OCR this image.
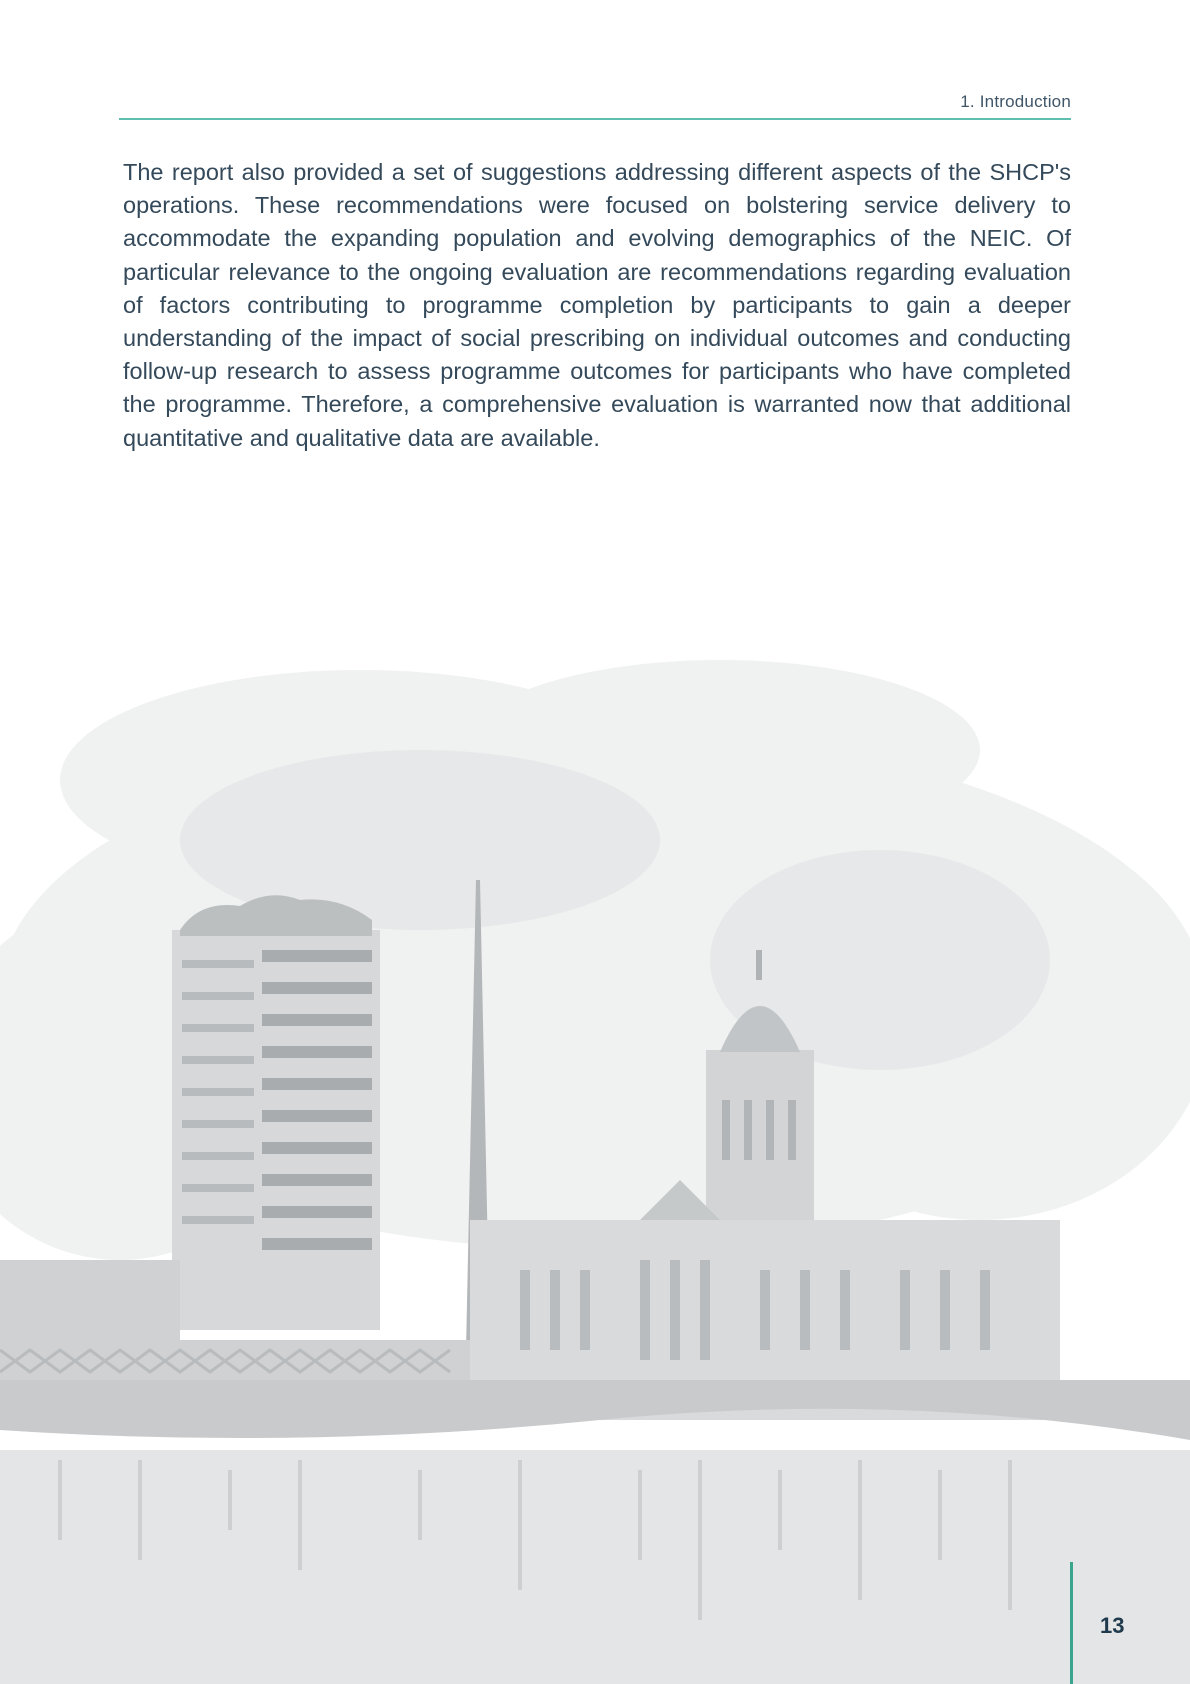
1. Introduction

The report also provided a set of suggestions addressing different aspects of the SHCP's operations. These recommendations were focused on bolstering service delivery to accommodate the expanding population and evolving demographics of the NEIC. Of particular relevance to the ongoing evaluation are recommendations regarding evaluation of factors contributing to programme completion by participants to gain a deeper understanding of the impact of social prescribing on individual outcomes and conducting follow-up research to assess programme outcomes for participants who have completed the programme. Therefore, a comprehensive evaluation is warranted now that additional quantitative and qualitative data are available.

13
